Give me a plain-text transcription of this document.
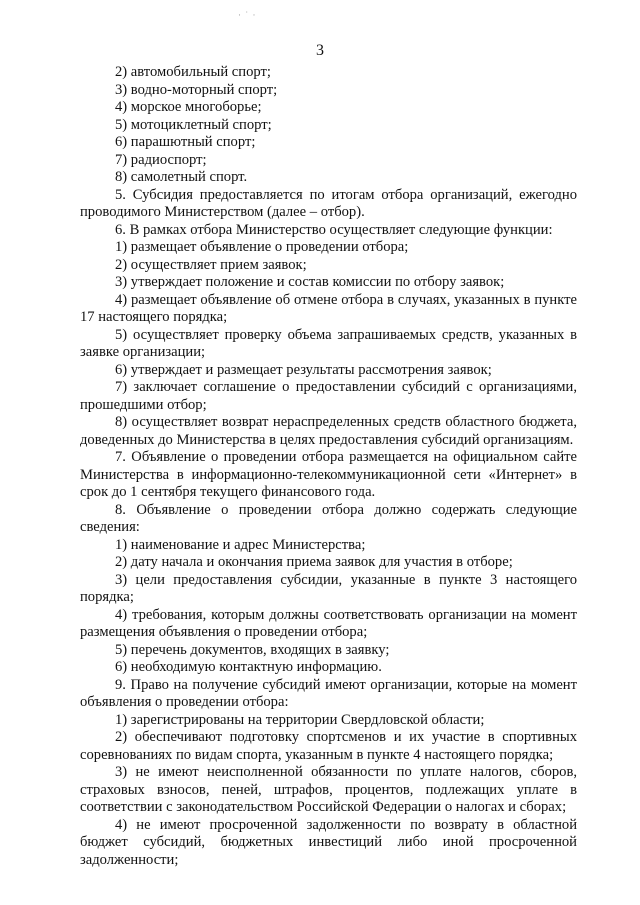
· ˙ ·
3

2) автомобильный спорт;

3) водно-моторный спорт;

4) морское многоборье;

5) мотоциклетный спорт;

6) парашютный спорт;

7) радиоспорт;

8) самолетный спорт.

5. Субсидия предоставляется по итогам отбора организаций, ежегодно проводимого Министерством (далее – отбор).

6. В рамках отбора Министерство осуществляет следующие функции:

1) размещает объявление о проведении отбора;

2) осуществляет прием заявок;

3) утверждает положение и состав комиссии по отбору заявок;

4) размещает объявление об отмене отбора в случаях, указанных в пункте 17 настоящего порядка;

5) осуществляет проверку объема запрашиваемых средств, указанных в заявке организации;

6) утверждает и размещает результаты рассмотрения заявок;

7) заключает соглашение о предоставлении субсидий с организациями, прошедшими отбор;

8) осуществляет возврат нераспределенных средств областного бюджета, доведенных до Министерства в целях предоставления субсидий организациям.

7. Объявление о проведении отбора размещается на официальном сайте Министерства в информационно-телекоммуникационной сети «Интернет» в срок до 1 сентября текущего финансового года.

8. Объявление о проведении отбора должно содержать следующие сведения:

1) наименование и адрес Министерства;

2) дату начала и окончания приема заявок для участия в отборе;

3) цели предоставления субсидии, указанные в пункте 3 настоящего порядка;

4) требования, которым должны соответствовать организации на момент размещения объявления о проведении отбора;

5) перечень документов, входящих в заявку;

6) необходимую контактную информацию.

9. Право на получение субсидий имеют организации, которые на момент объявления о проведении отбора:

1) зарегистрированы на территории Свердловской области;

2) обеспечивают подготовку спортсменов и их участие в спортивных соревнованиях по видам спорта, указанным в пункте 4 настоящего порядка;

3) не имеют неисполненной обязанности по уплате налогов, сборов, страховых взносов, пеней, штрафов, процентов, подлежащих уплате в соответствии с законодательством Российской Федерации о налогах и сборах;

4) не имеют просроченной задолженности по возврату в областной бюджет субсидий, бюджетных инвестиций либо иной просроченной задолженности;
